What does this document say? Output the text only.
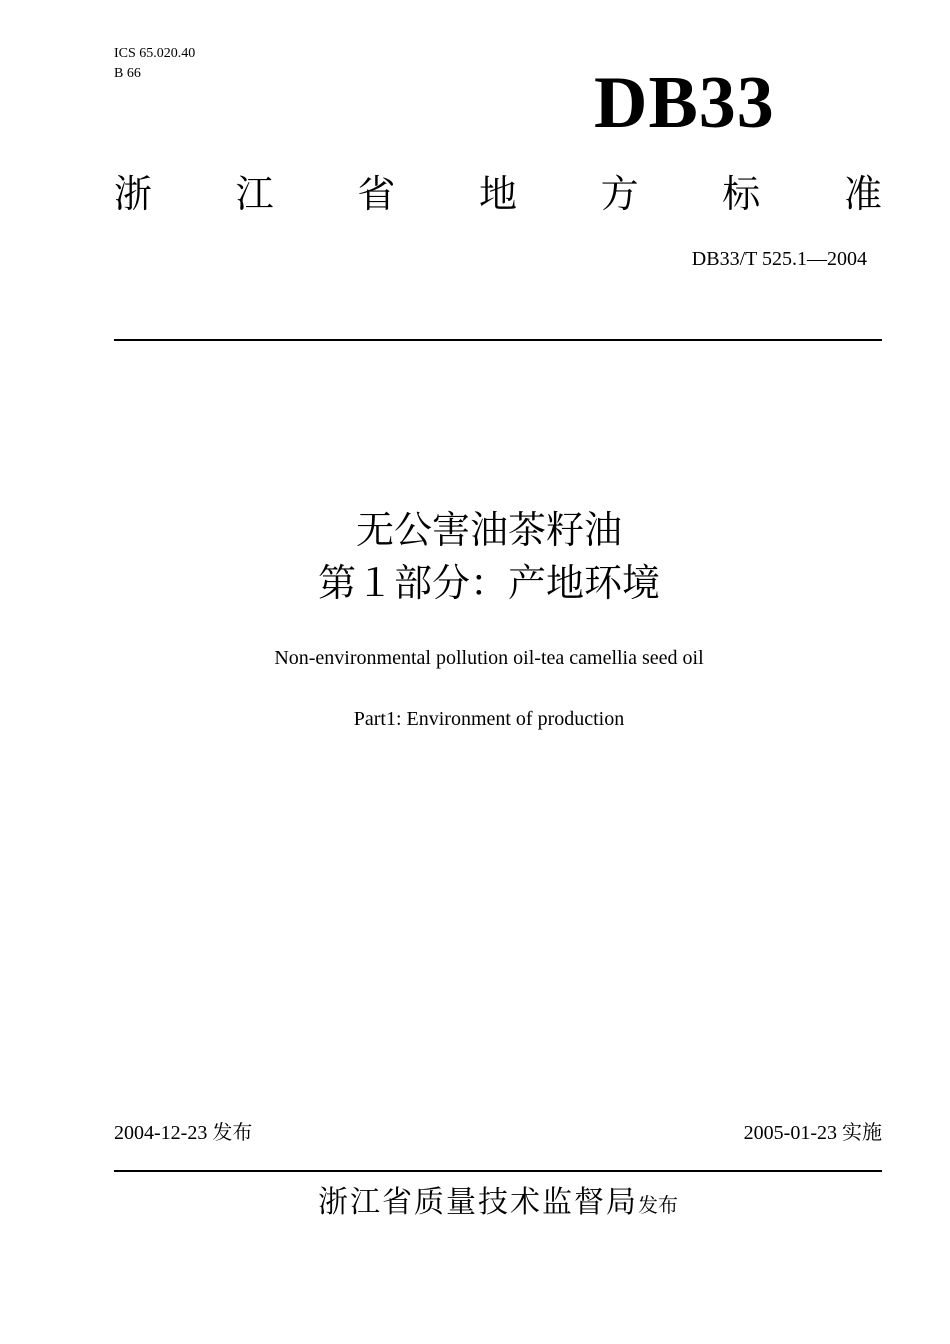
ICS 65.020.40
B 66	DB33
浙 江 省 地 方 标 准
DB33/T 525.1—2004
无公害油茶籽油
第１部分：产地环境
Non-environmental pollution oil-tea camellia seed oil
Part1: Environment of production
2004-12-23 发布	2005-01-23 实施
浙江省质量技术监督局发布
